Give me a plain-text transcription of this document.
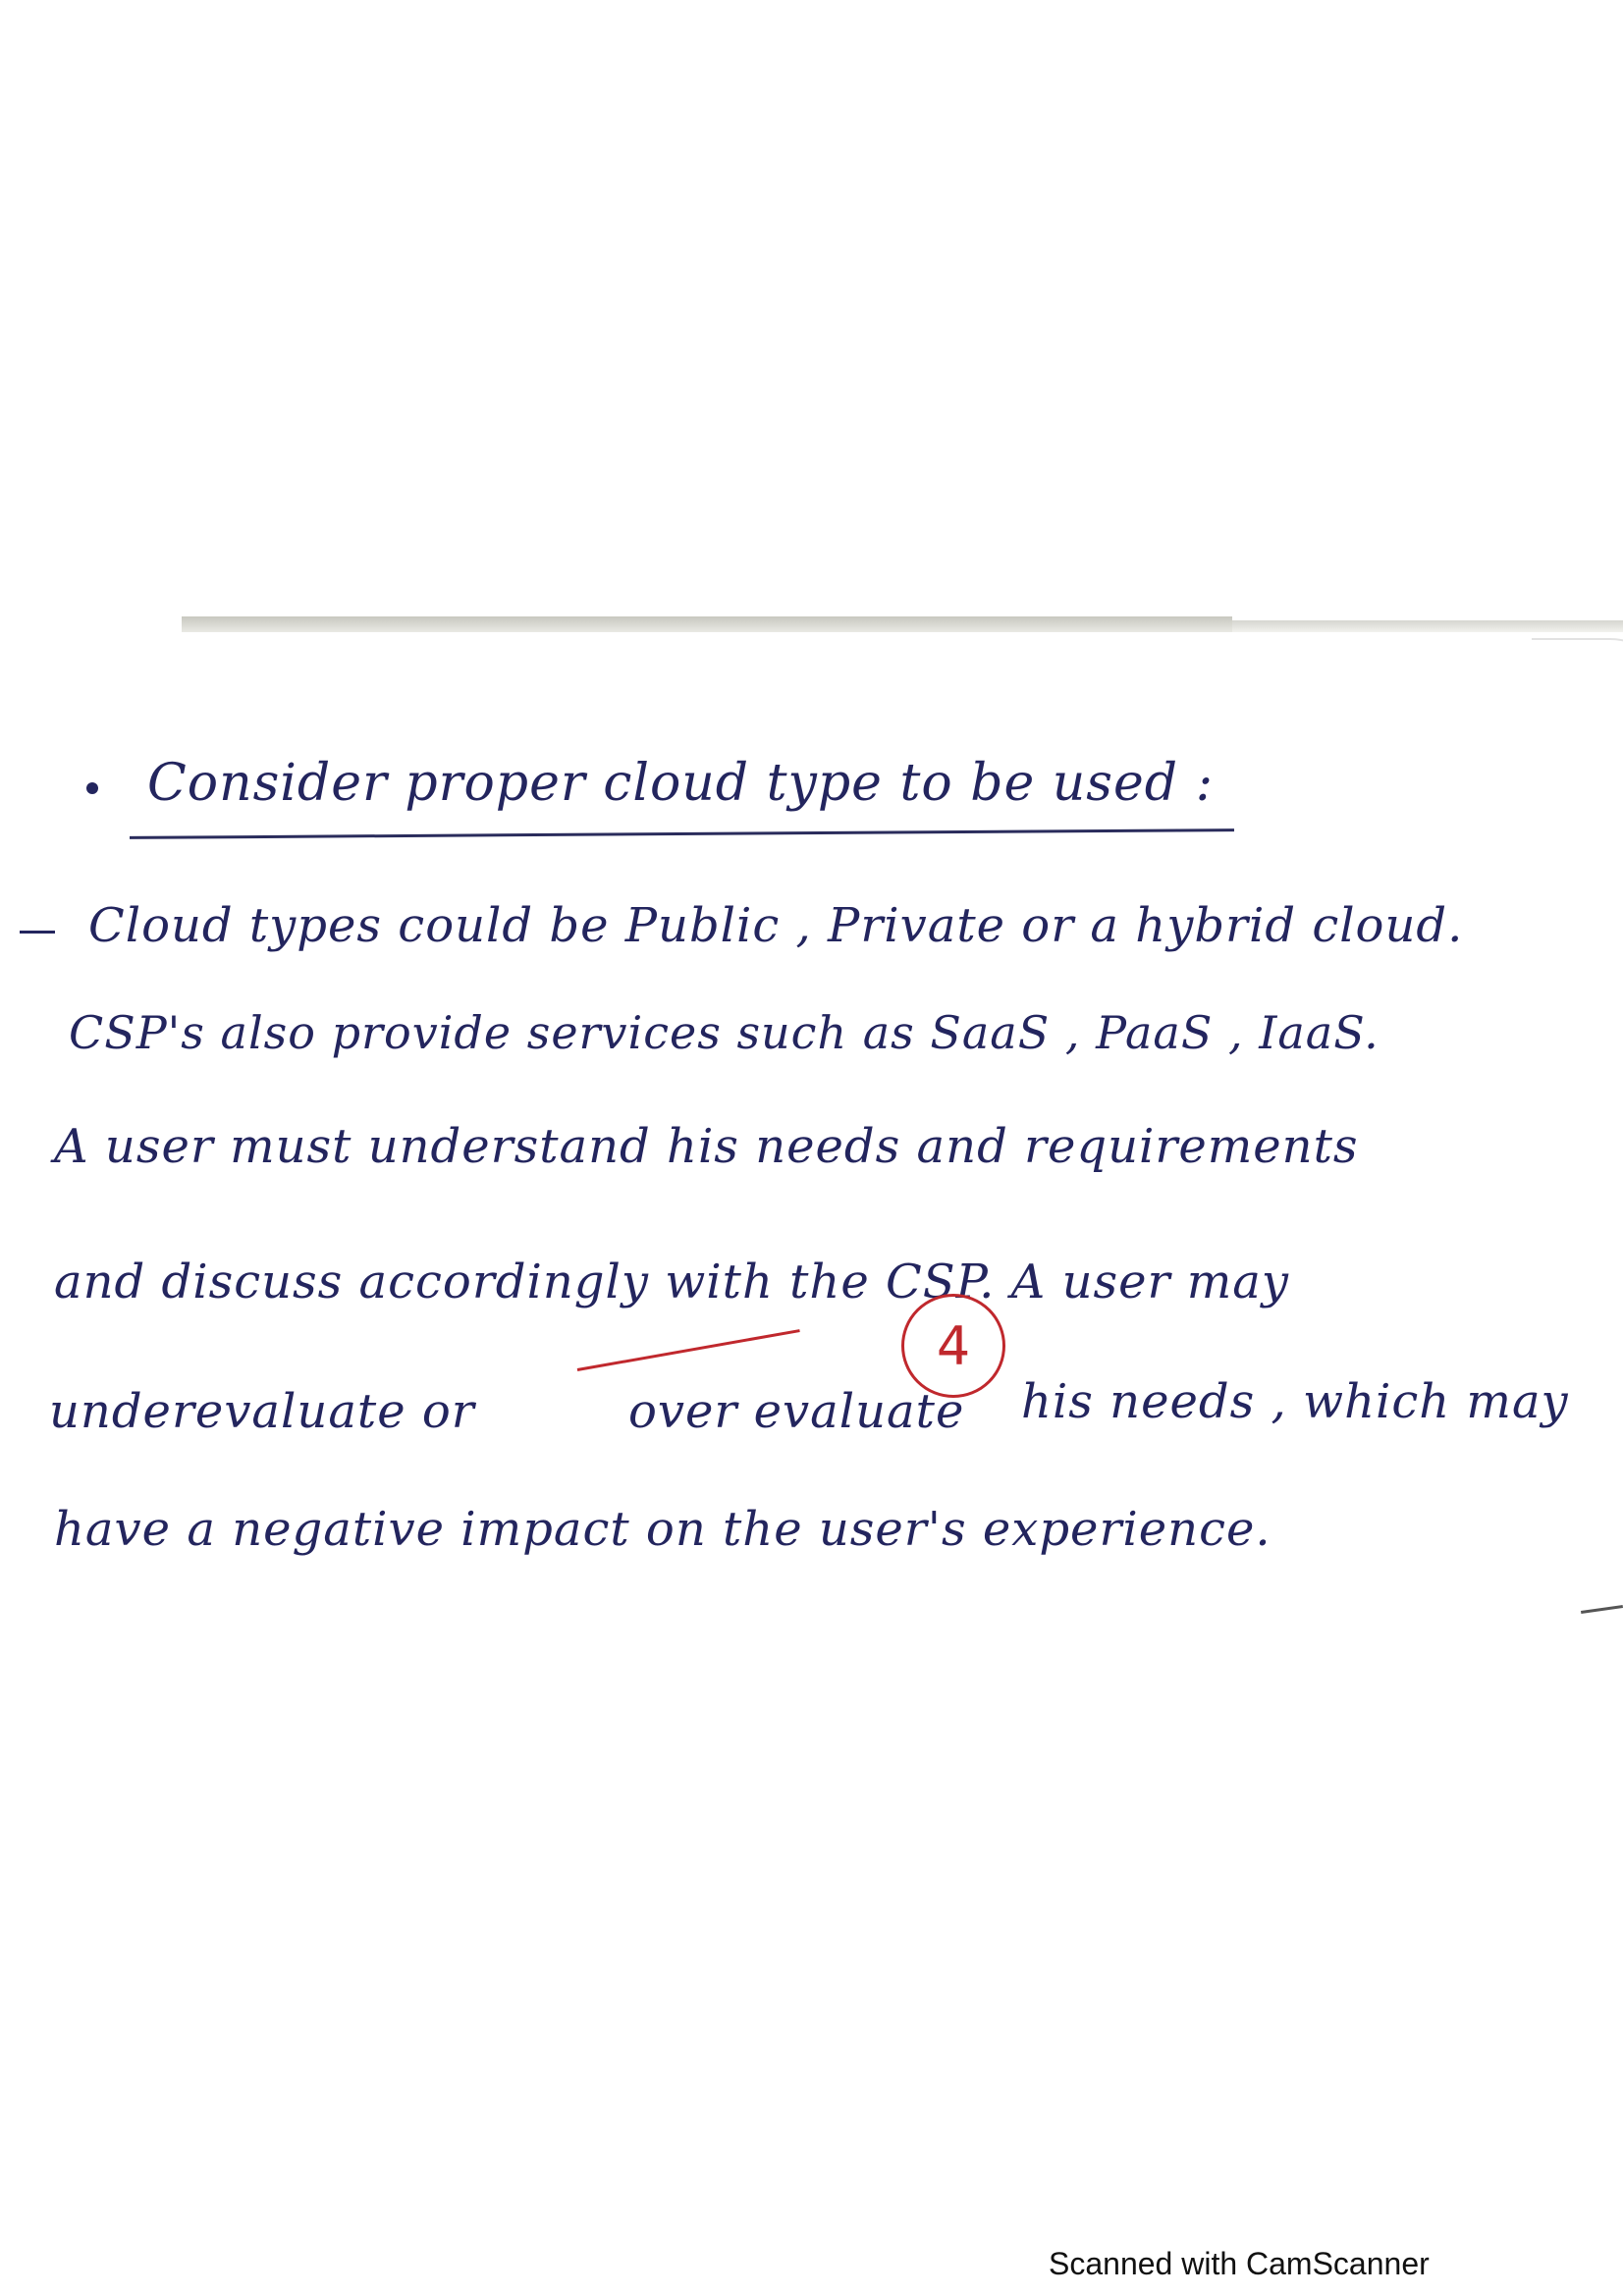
Consider proper cloud type to be used :
Cloud types could be Public , Private or a hybrid cloud.
CSP's also provide services such as SaaS , PaaS , IaaS.
A user must understand his needs and requirements
and discuss accordingly with the CSP. A user may
underevaluate or	over evaluate his needs , which may
have a negative impact on the user's experience.
4
Scanned with CamScanner
